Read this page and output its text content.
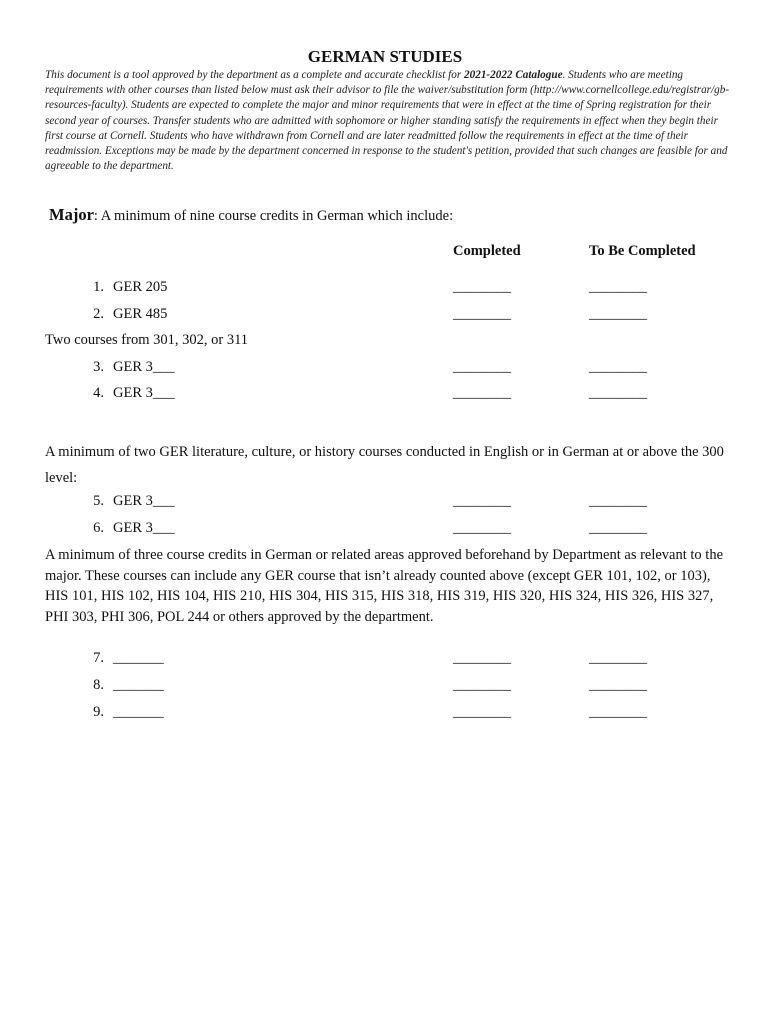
GERMAN STUDIES
This document is a tool approved by the department as a complete and accurate checklist for 2021-2022 Catalogue. Students who are meeting requirements with other courses than listed below must ask their advisor to file the waiver/substitution form (http://www.cornellcollege.edu/registrar/gb-resources-faculty). Students are expected to complete the major and minor requirements that were in effect at the time of Spring registration for their second year of courses. Transfer students who are admitted with sophomore or higher standing satisfy the requirements in effect when they begin their first course at Cornell. Students who have withdrawn from Cornell and are later readmitted follow the requirements in effect at the time of their readmission. Exceptions may be made by the department concerned in response to the student's petition, provided that such changes are feasible for and agreeable to the department.
Major: A minimum of nine course credits in German which include:
Completed	To Be Completed
1. GER 205	________	________
2. GER 485	________	________
Two courses from 301, 302, or 311
3. GER 3___	________	________
4. GER 3___	________	________
A minimum of two GER literature, culture, or history courses conducted in English or in German at or above the 300 level:
5. GER 3___	________	________
6. GER 3___	________	________
A minimum of three course credits in German or related areas approved beforehand by Department as relevant to the major. These courses can include any GER course that isn’t already counted above (except GER 101, 102, or 103), HIS 101, HIS 102, HIS 104, HIS 210, HIS 304, HIS 315, HIS 318, HIS 319, HIS 320, HIS 324, HIS 326, HIS 327, PHI 303, PHI 306, POL 244 or others approved by the department.
7. _______	________	________
8. _______	________	________
9. _______	________	________
